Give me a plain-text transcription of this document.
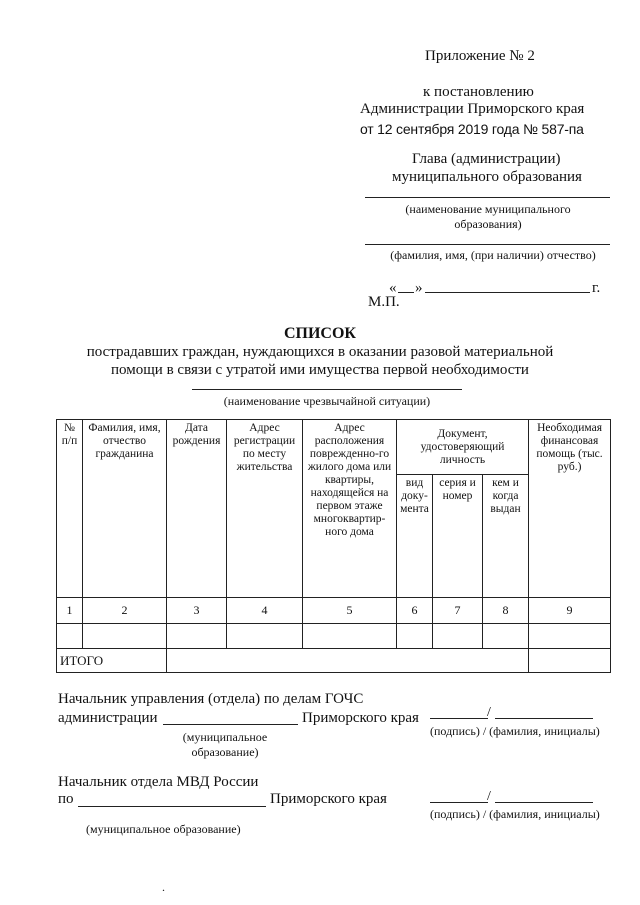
Приложение № 2
к постановлению
Администрации Приморского края
от 12 сентября 2019 года № 587-па
Глава (администрации)
муниципального образования
(наименование муниципального образования)
(фамилия, имя, (при наличии) отчество)
« »	г.
М.П.
СПИСОК
пострадавших граждан, нуждающихся в оказании разовой материальной
помощи в связи с утратой ими имущества первой необходимости
(наименование чрезвычайной ситуации)
№ п/п	Фамилия, имя, отчество гражданина	Дата рождения	Адрес регистрации по месту жительства	Адрес расположения поврежденно-го жилого дома или квартиры, находящейся на первом этаже многоквартир-ного дома	Документ, удостоверяющий личность			Необходимая финансовая помощь (тыс. руб.)
					вид доку-мента	серия и номер	кем и когда выдан	
1	2	3	4	5	6	7	8	9

ИТОГО								
Начальник управления (отдела) по делам ГОЧС
администрации	Приморского края
(муниципальное образование)
/
(подпись) / (фамилия, инициалы)
Начальник отдела МВД России
по	Приморского края
(муниципальное образование)
/
(подпись) / (фамилия, инициалы)
.
